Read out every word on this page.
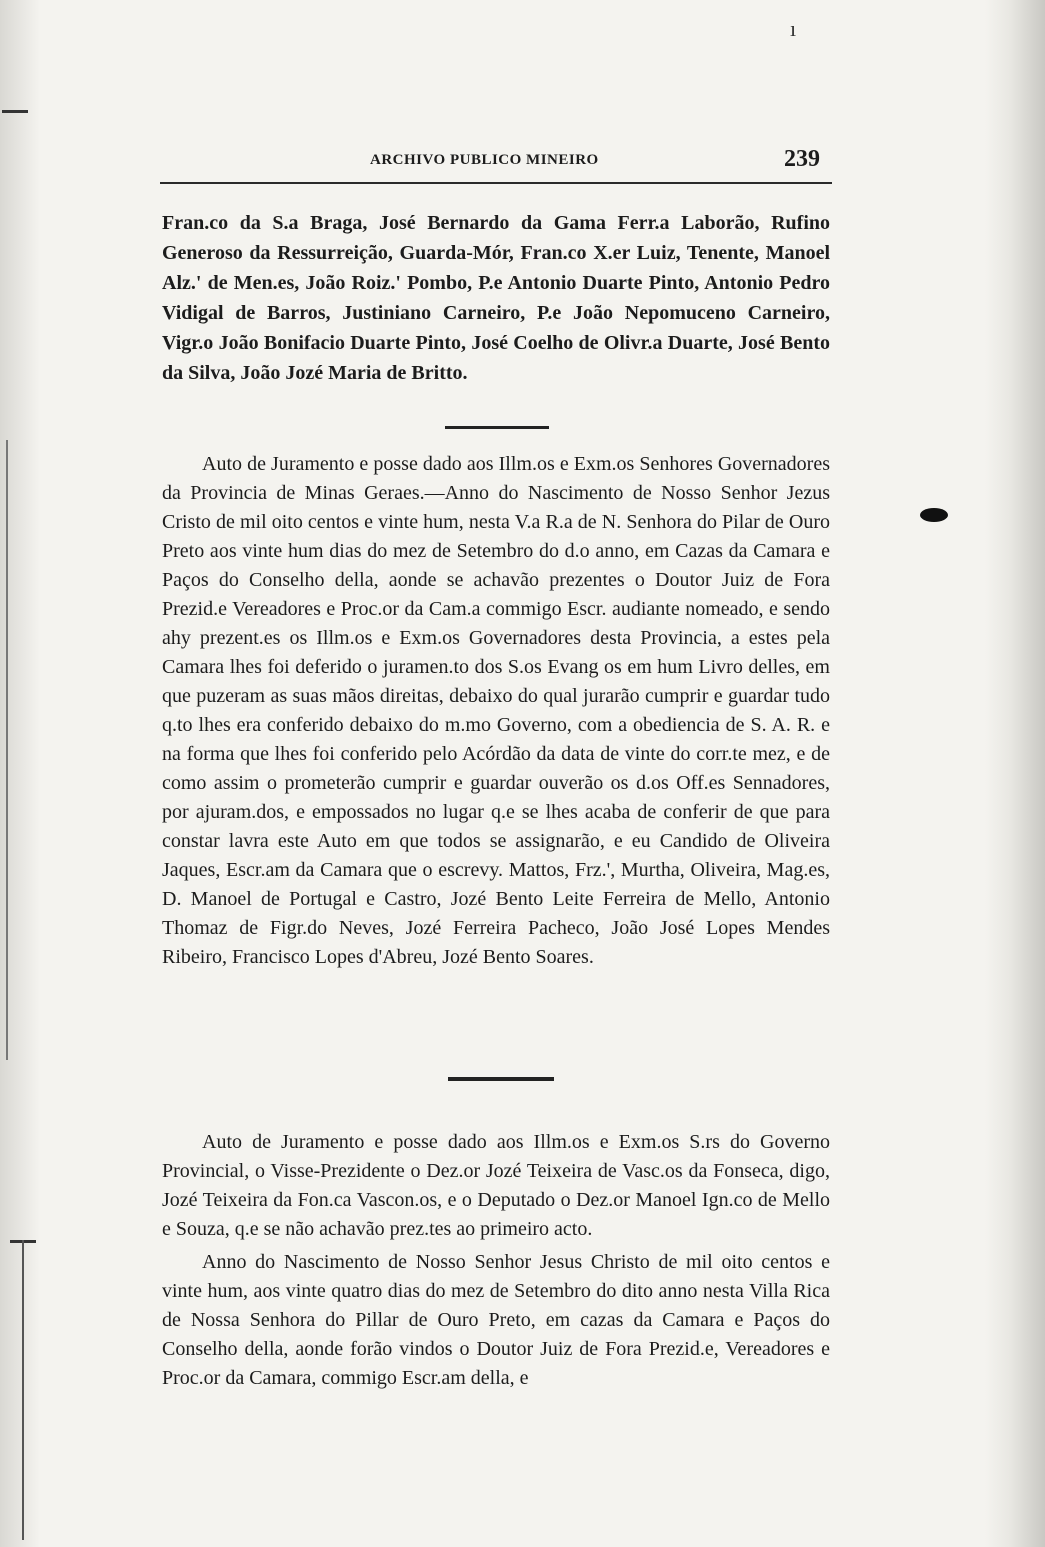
ı
ARCHIVO PUBLICO MINEIRO	239

Fran.co da S.a Braga, José Bernardo da Gama Ferr.a Laborão, Rufino Generoso da Ressurreição, Guarda-Mór, Fran.co X.er Luiz, Tenente, Manoel Alz.' de Men.es, João Roiz.' Pombo, P.e Antonio Duarte Pinto, Antonio Pedro Vidigal de Barros, Justiniano Carneiro, P.e João Nepomuceno Carneiro, Vigr.o João Bonifacio Duarte Pinto, José Coelho de Olivr.a Duarte, José Bento da Silva, João Jozé Maria de Britto.

Auto de Juramento e posse dado aos Illm.os e Exm.os Senhores Governadores da Provincia de Minas Geraes.—Anno do Nascimento de Nosso Senhor Jezus Cristo de mil oito centos e vinte hum, nesta V.a R.a de N. Senhora do Pilar de Ouro Preto aos vinte hum dias do mez de Setembro do d.o anno, em Cazas da Camara e Paços do Conselho della, aonde se achavão prezentes o Doutor Juiz de Fora Prezid.e Vereadores e Proc.or da Cam.a commigo Escr. audiante nomeado, e sendo ahy prezent.es os Illm.os e Exm.os Governadores desta Provincia, a estes pela Camara lhes foi deferido o juramen.to dos S.os Evang os em hum Livro delles, em que puzeram as suas mãos direitas, debaixo do qual jurarão cumprir e guardar tudo q.to lhes era conferido debaixo do m.mo Governo, com a obediencia de S. A. R. e na forma que lhes foi conferido pelo Acórdão da data de vinte do corr.te mez, e de como assim o prometerão cumprir e guardar ouverão os d.os Off.es Sennadores, por ajuram.dos, e empossados no lugar q.e se lhes acaba de conferir de que para constar lavra este Auto em que todos se assignarão, e eu Candido de Oliveira Jaques, Escr.am da Camara que o escrevy. Mattos, Frz.', Murtha, Oliveira, Mag.es, D. Manoel de Portugal e Castro, Jozé Bento Leite Ferreira de Mello, Antonio Thomaz de Figr.do Neves, Jozé Ferreira Pacheco, João José Lopes Mendes Ribeiro, Francisco Lopes d'Abreu, Jozé Bento Soares.

Auto de Juramento e posse dado aos Illm.os e Exm.os S.rs do Governo Provincial, o Visse-Prezidente o Dez.or Jozé Teixeira de Vasc.os da Fonseca, digo, Jozé Teixeira da Fon.ca Vascon.os, e o Deputado o Dez.or Manoel Ign.co de Mello e Souza, q.e se não achavão prez.tes ao primeiro acto.

Anno do Nascimento de Nosso Senhor Jesus Christo de mil oito centos e vinte hum, aos vinte quatro dias do mez de Setembro do dito anno nesta Villa Rica de Nossa Senhora do Pillar de Ouro Preto, em cazas da Camara e Paços do Conselho della, aonde forão vindos o Doutor Juiz de Fora Prezid.e, Vereadores e Proc.or da Camara, commigo Escr.am della, e
